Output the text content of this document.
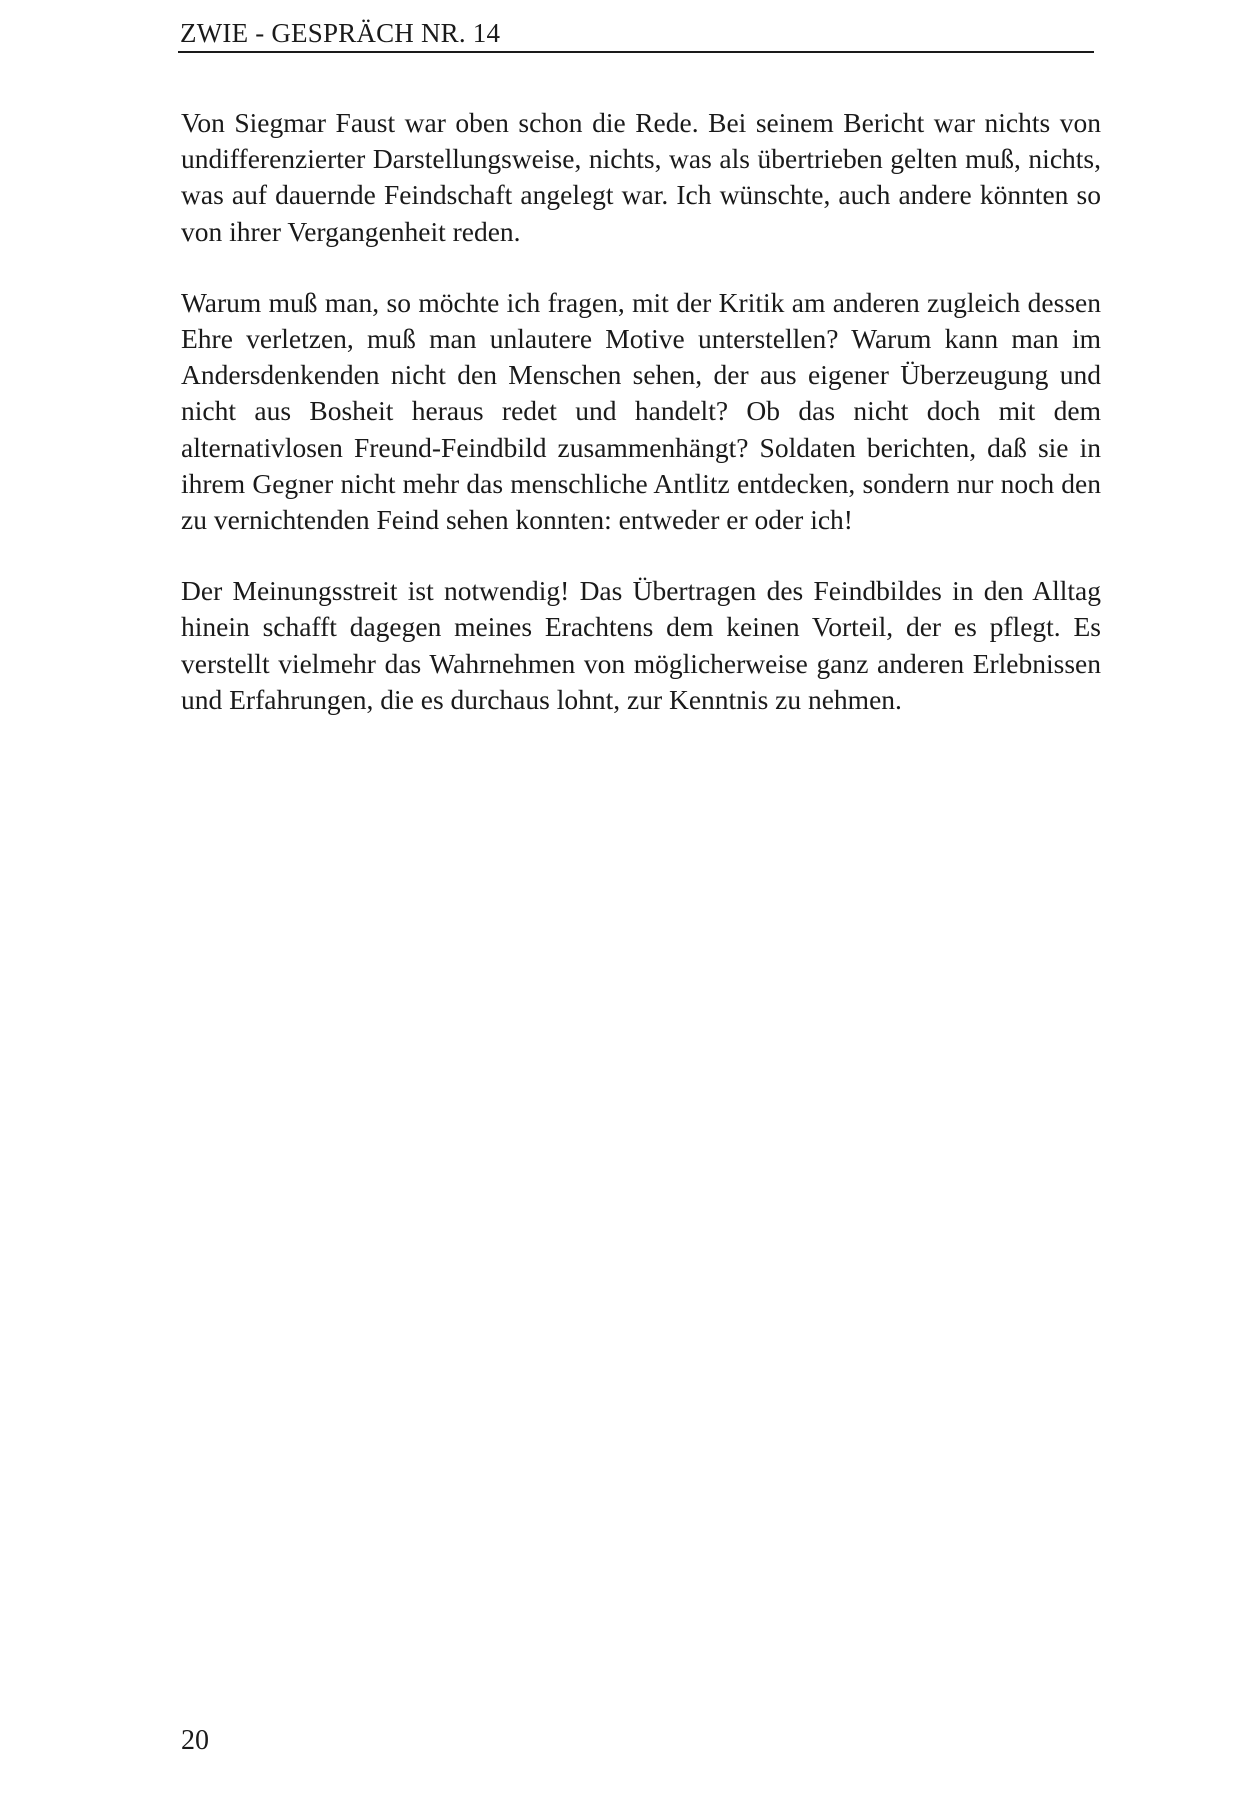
ZWIE - GESPRÄCH NR. 14

Von Siegmar Faust war oben schon die Rede. Bei seinem Bericht war nichts von undifferenzierter Darstellungsweise, nichts, was als übertrieben gelten muß, nichts, was auf dauernde Feindschaft angelegt war. Ich wünschte, auch andere könnten so von ihrer Vergangenheit reden.

Warum muß man, so möchte ich fragen, mit der Kritik am anderen zugleich dessen Ehre verletzen, muß man unlautere Motive unterstellen? Warum kann man im Andersdenkenden nicht den Menschen sehen, der aus eigener Überzeugung und nicht aus Bosheit heraus redet und handelt? Ob das nicht doch mit dem alternativlosen Freund-Feindbild zusammenhängt? Soldaten berichten, daß sie in ihrem Gegner nicht mehr das menschliche Antlitz entdecken, sondern nur noch den zu vernichtenden Feind sehen konnten: entweder er oder ich!

Der Meinungsstreit ist notwendig! Das Übertragen des Feindbildes in den Alltag hinein schafft dagegen meines Erachtens dem keinen Vorteil, der es pflegt. Es verstellt vielmehr das Wahrnehmen von möglicherweise ganz anderen Erlebnissen und Erfahrungen, die es durchaus lohnt, zur Kenntnis zu nehmen.

20
